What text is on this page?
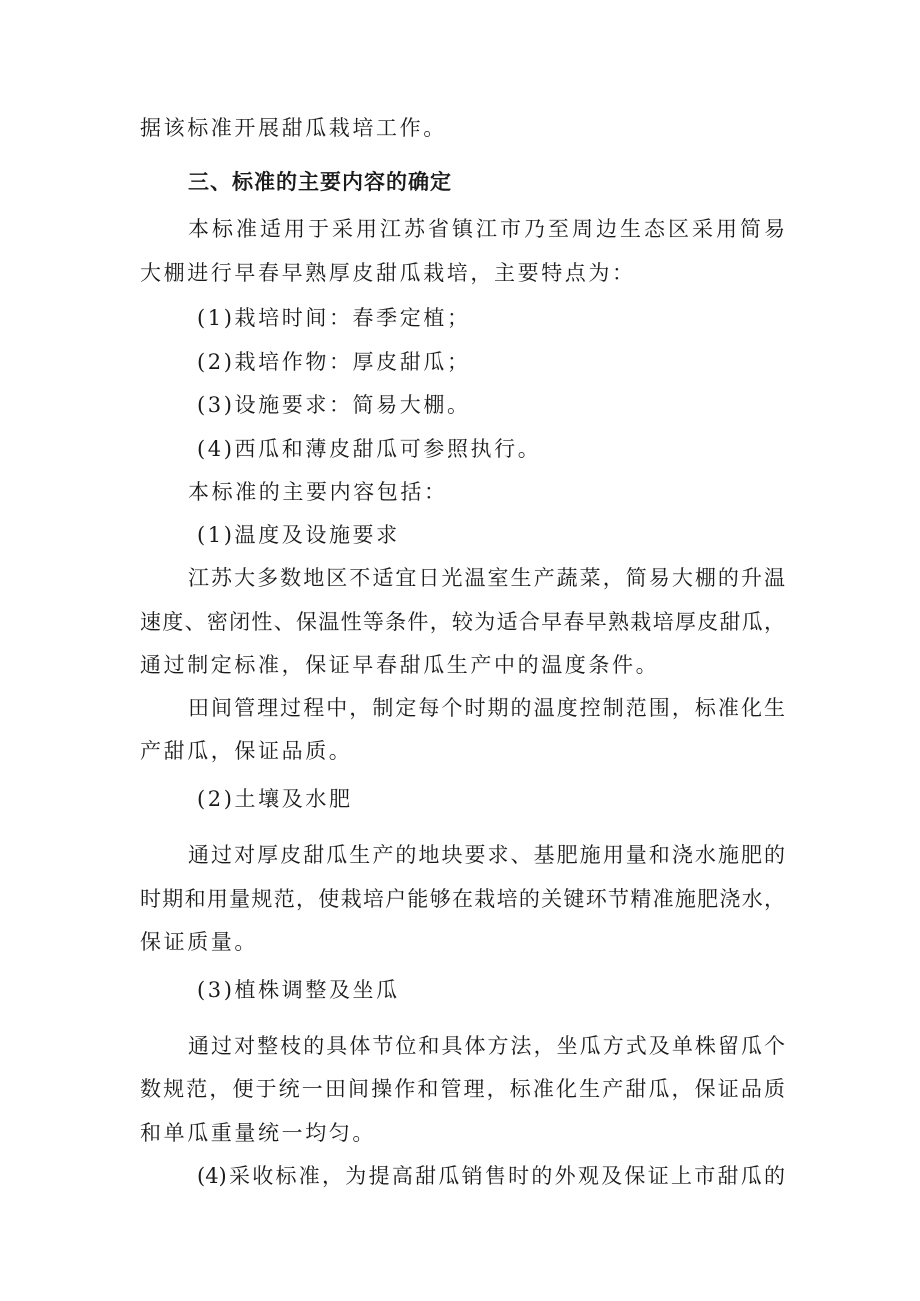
据该标准开展甜瓜栽培工作。
三、标准的主要内容的确定
本标准适用于采用江苏省镇江市乃至周边生态区采用简易
大棚进行早春早熟厚皮甜瓜栽培，主要特点为：
(1)栽培时间：春季定植；
(2)栽培作物：厚皮甜瓜；
(3)设施要求：简易大棚。
(4)西瓜和薄皮甜瓜可参照执行。
本标准的主要内容包括：
(1)温度及设施要求
江苏大多数地区不适宜日光温室生产蔬菜，简易大棚的升温
速度、密闭性、保温性等条件，较为适合早春早熟栽培厚皮甜瓜，
通过制定标准，保证早春甜瓜生产中的温度条件。
田间管理过程中，制定每个时期的温度控制范围，标准化生
产甜瓜，保证品质。
(2)土壤及水肥
通过对厚皮甜瓜生产的地块要求、基肥施用量和浇水施肥的
时期和用量规范，使栽培户能够在栽培的关键环节精准施肥浇水，
保证质量。
(3)植株调整及坐瓜
通过对整枝的具体节位和具体方法，坐瓜方式及单株留瓜个
数规范，便于统一田间操作和管理，标准化生产甜瓜，保证品质
和单瓜重量统一均匀。
(4)采收标准，为提高甜瓜销售时的外观及保证上市甜瓜的
